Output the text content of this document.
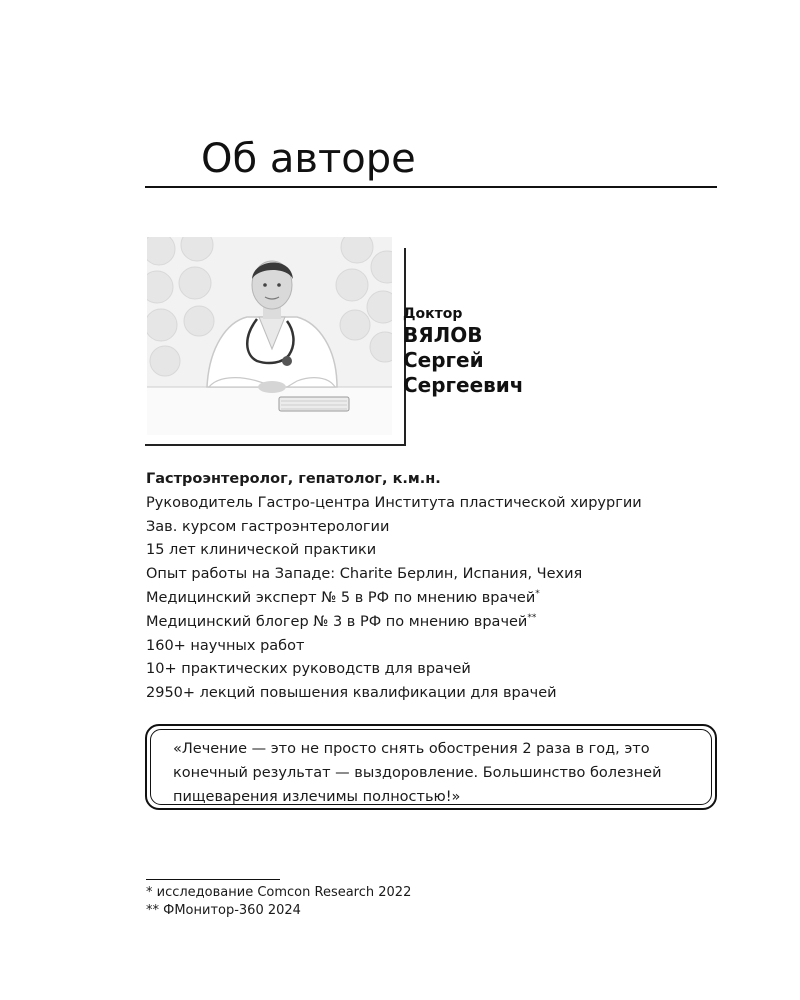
Об авторе
Доктор
ВЯЛОВ
Сергей
Сергеевич
Гастроэнтеролог, гепатолог, к.м.н.
Руководитель Гастро-центра Института пластической хирургии
Зав. курсом гастроэнтерологии
15 лет клинической практики
Опыт работы на Западе: Charite Берлин, Испания, Чехия
Медицинский эксперт № 5 в РФ по мнению врачей*
Медицинский блогер № 3 в РФ по мнению врачей**
160+ научных работ
10+ практических руководств для врачей
2950+ лекций повышения квалификации для врачей
«Лечение — это не просто снять обострения 2 раза в год, это
конечный результат — выздоровление. Большинство болезней
пищеварения излечимы полностью!»
* исследование Comcon Research 2022
** ФМонитор-360 2024
